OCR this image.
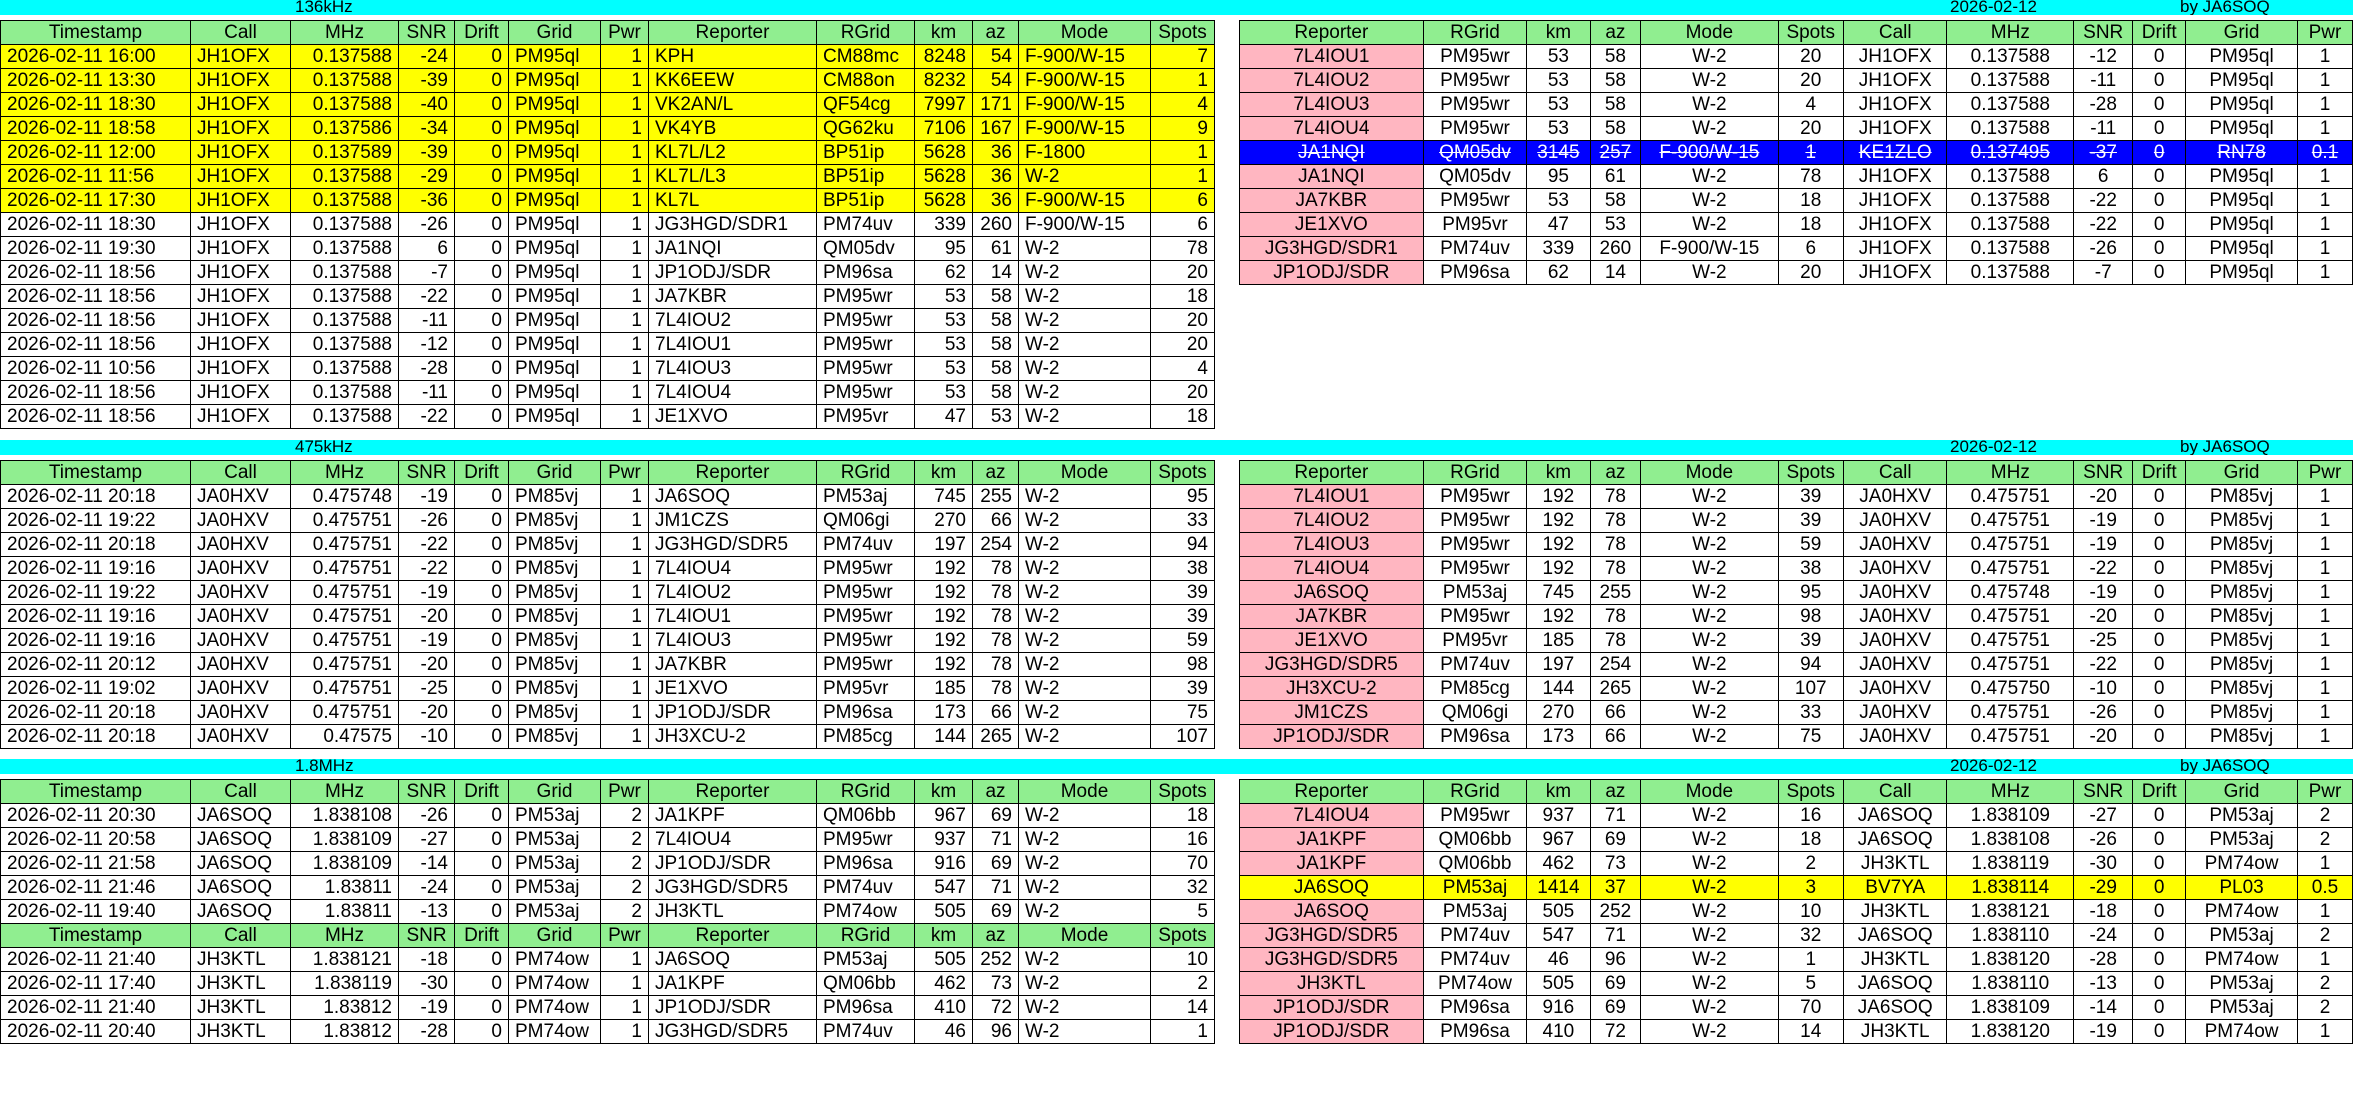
136kHz	2026-02-12	by JA6SOQ
Timestamp	Call	MHz	SNR	Drift	Grid	Pwr	Reporter	RGrid	km	az	Mode	Spots
2026-02-11 16:00	JH1OFX	0.137588	-24	0	PM95ql	1	KPH	CM88mc	8248	54	F-900/W-15	7
2026-02-11 13:30	JH1OFX	0.137588	-39	0	PM95ql	1	KK6EEW	CM88on	8232	54	F-900/W-15	1
2026-02-11 18:30	JH1OFX	0.137588	-40	0	PM95ql	1	VK2AN/L	QF54cg	7997	171	F-900/W-15	4
2026-02-11 18:58	JH1OFX	0.137586	-34	0	PM95ql	1	VK4YB	QG62ku	7106	167	F-900/W-15	9
2026-02-11 12:00	JH1OFX	0.137589	-39	0	PM95ql	1	KL7L/L2	BP51ip	5628	36	F-1800	1
2026-02-11 11:56	JH1OFX	0.137588	-29	0	PM95ql	1	KL7L/L3	BP51ip	5628	36	W-2	1
2026-02-11 17:30	JH1OFX	0.137588	-36	0	PM95ql	1	KL7L	BP51ip	5628	36	F-900/W-15	6
2026-02-11 18:30	JH1OFX	0.137588	-26	0	PM95ql	1	JG3HGD/SDR1	PM74uv	339	260	F-900/W-15	6
2026-02-11 19:30	JH1OFX	0.137588	6	0	PM95ql	1	JA1NQI	QM05dv	95	61	W-2	78
2026-02-11 18:56	JH1OFX	0.137588	-7	0	PM95ql	1	JP1ODJ/SDR	PM96sa	62	14	W-2	20
2026-02-11 18:56	JH1OFX	0.137588	-22	0	PM95ql	1	JA7KBR	PM95wr	53	58	W-2	18
2026-02-11 18:56	JH1OFX	0.137588	-11	0	PM95ql	1	7L4IOU2	PM95wr	53	58	W-2	20
2026-02-11 18:56	JH1OFX	0.137588	-12	0	PM95ql	1	7L4IOU1	PM95wr	53	58	W-2	20
2026-02-11 10:56	JH1OFX	0.137588	-28	0	PM95ql	1	7L4IOU3	PM95wr	53	58	W-2	4
2026-02-11 18:56	JH1OFX	0.137588	-11	0	PM95ql	1	7L4IOU4	PM95wr	53	58	W-2	20
2026-02-11 18:56	JH1OFX	0.137588	-22	0	PM95ql	1	JE1XVO	PM95vr	47	53	W-2	18
Reporter	RGrid	km	az	Mode	Spots	Call	MHz	SNR	Drift	Grid	Pwr
7L4IOU1	PM95wr	53	58	W-2	20	JH1OFX	0.137588	-12	0	PM95ql	1
7L4IOU2	PM95wr	53	58	W-2	20	JH1OFX	0.137588	-11	0	PM95ql	1
7L4IOU3	PM95wr	53	58	W-2	4	JH1OFX	0.137588	-28	0	PM95ql	1
7L4IOU4	PM95wr	53	58	W-2	20	JH1OFX	0.137588	-11	0	PM95ql	1
JA1NQI	QM05dv	3145	257	F-900/W-15	1	KE1ZLO	0.137495	-37	0	RN78	0.1
JA1NQI	QM05dv	95	61	W-2	78	JH1OFX	0.137588	6	0	PM95ql	1
JA7KBR	PM95wr	53	58	W-2	18	JH1OFX	0.137588	-22	0	PM95ql	1
JE1XVO	PM95vr	47	53	W-2	18	JH1OFX	0.137588	-22	0	PM95ql	1
JG3HGD/SDR1	PM74uv	339	260	F-900/W-15	6	JH1OFX	0.137588	-26	0	PM95ql	1
JP1ODJ/SDR	PM96sa	62	14	W-2	20	JH1OFX	0.137588	-7	0	PM95ql	1
475kHz	2026-02-12	by JA6SOQ
Timestamp	Call	MHz	SNR	Drift	Grid	Pwr	Reporter	RGrid	km	az	Mode	Spots
2026-02-11 20:18	JA0HXV	0.475748	-19	0	PM85vj	1	JA6SOQ	PM53aj	745	255	W-2	95
2026-02-11 19:22	JA0HXV	0.475751	-26	0	PM85vj	1	JM1CZS	QM06gi	270	66	W-2	33
2026-02-11 20:18	JA0HXV	0.475751	-22	0	PM85vj	1	JG3HGD/SDR5	PM74uv	197	254	W-2	94
2026-02-11 19:16	JA0HXV	0.475751	-22	0	PM85vj	1	7L4IOU4	PM95wr	192	78	W-2	38
2026-02-11 19:22	JA0HXV	0.475751	-19	0	PM85vj	1	7L4IOU2	PM95wr	192	78	W-2	39
2026-02-11 19:16	JA0HXV	0.475751	-20	0	PM85vj	1	7L4IOU1	PM95wr	192	78	W-2	39
2026-02-11 19:16	JA0HXV	0.475751	-19	0	PM85vj	1	7L4IOU3	PM95wr	192	78	W-2	59
2026-02-11 20:12	JA0HXV	0.475751	-20	0	PM85vj	1	JA7KBR	PM95wr	192	78	W-2	98
2026-02-11 19:02	JA0HXV	0.475751	-25	0	PM85vj	1	JE1XVO	PM95vr	185	78	W-2	39
2026-02-11 20:18	JA0HXV	0.475751	-20	0	PM85vj	1	JP1ODJ/SDR	PM96sa	173	66	W-2	75
2026-02-11 20:18	JA0HXV	0.47575	-10	0	PM85vj	1	JH3XCU-2	PM85cg	144	265	W-2	107
Reporter	RGrid	km	az	Mode	Spots	Call	MHz	SNR	Drift	Grid	Pwr
7L4IOU1	PM95wr	192	78	W-2	39	JA0HXV	0.475751	-20	0	PM85vj	1
7L4IOU2	PM95wr	192	78	W-2	39	JA0HXV	0.475751	-19	0	PM85vj	1
7L4IOU3	PM95wr	192	78	W-2	59	JA0HXV	0.475751	-19	0	PM85vj	1
7L4IOU4	PM95wr	192	78	W-2	38	JA0HXV	0.475751	-22	0	PM85vj	1
JA6SOQ	PM53aj	745	255	W-2	95	JA0HXV	0.475748	-19	0	PM85vj	1
JA7KBR	PM95wr	192	78	W-2	98	JA0HXV	0.475751	-20	0	PM85vj	1
JE1XVO	PM95vr	185	78	W-2	39	JA0HXV	0.475751	-25	0	PM85vj	1
JG3HGD/SDR5	PM74uv	197	254	W-2	94	JA0HXV	0.475751	-22	0	PM85vj	1
JH3XCU-2	PM85cg	144	265	W-2	107	JA0HXV	0.475750	-10	0	PM85vj	1
JM1CZS	QM06gi	270	66	W-2	33	JA0HXV	0.475751	-26	0	PM85vj	1
JP1ODJ/SDR	PM96sa	173	66	W-2	75	JA0HXV	0.475751	-20	0	PM85vj	1
1.8MHz	2026-02-12	by JA6SOQ
Timestamp	Call	MHz	SNR	Drift	Grid	Pwr	Reporter	RGrid	km	az	Mode	Spots
2026-02-11 20:30	JA6SOQ	1.838108	-26	0	PM53aj	2	JA1KPF	QM06bb	967	69	W-2	18
2026-02-11 20:58	JA6SOQ	1.838109	-27	0	PM53aj	2	7L4IOU4	PM95wr	937	71	W-2	16
2026-02-11 21:58	JA6SOQ	1.838109	-14	0	PM53aj	2	JP1ODJ/SDR	PM96sa	916	69	W-2	70
2026-02-11 21:46	JA6SOQ	1.83811	-24	0	PM53aj	2	JG3HGD/SDR5	PM74uv	547	71	W-2	32
2026-02-11 19:40	JA6SOQ	1.83811	-13	0	PM53aj	2	JH3KTL	PM74ow	505	69	W-2	5
Timestamp	Call	MHz	SNR	Drift	Grid	Pwr	Reporter	RGrid	km	az	Mode	Spots
2026-02-11 21:40	JH3KTL	1.838121	-18	0	PM74ow	1	JA6SOQ	PM53aj	505	252	W-2	10
2026-02-11 17:40	JH3KTL	1.838119	-30	0	PM74ow	1	JA1KPF	QM06bb	462	73	W-2	2
2026-02-11 21:40	JH3KTL	1.83812	-19	0	PM74ow	1	JP1ODJ/SDR	PM96sa	410	72	W-2	14
2026-02-11 20:40	JH3KTL	1.83812	-28	0	PM74ow	1	JG3HGD/SDR5	PM74uv	46	96	W-2	1
Reporter	RGrid	km	az	Mode	Spots	Call	MHz	SNR	Drift	Grid	Pwr
7L4IOU4	PM95wr	937	71	W-2	16	JA6SOQ	1.838109	-27	0	PM53aj	2
JA1KPF	QM06bb	967	69	W-2	18	JA6SOQ	1.838108	-26	0	PM53aj	2
JA1KPF	QM06bb	462	73	W-2	2	JH3KTL	1.838119	-30	0	PM74ow	1
JA6SOQ	PM53aj	1414	37	W-2	3	BV7YA	1.838114	-29	0	PL03	0.5
JA6SOQ	PM53aj	505	252	W-2	10	JH3KTL	1.838121	-18	0	PM74ow	1
JG3HGD/SDR5	PM74uv	547	71	W-2	32	JA6SOQ	1.838110	-24	0	PM53aj	2
JG3HGD/SDR5	PM74uv	46	96	W-2	1	JH3KTL	1.838120	-28	0	PM74ow	1
JH3KTL	PM74ow	505	69	W-2	5	JA6SOQ	1.838110	-13	0	PM53aj	2
JP1ODJ/SDR	PM96sa	916	69	W-2	70	JA6SOQ	1.838109	-14	0	PM53aj	2
JP1ODJ/SDR	PM96sa	410	72	W-2	14	JH3KTL	1.838120	-19	0	PM74ow	1
